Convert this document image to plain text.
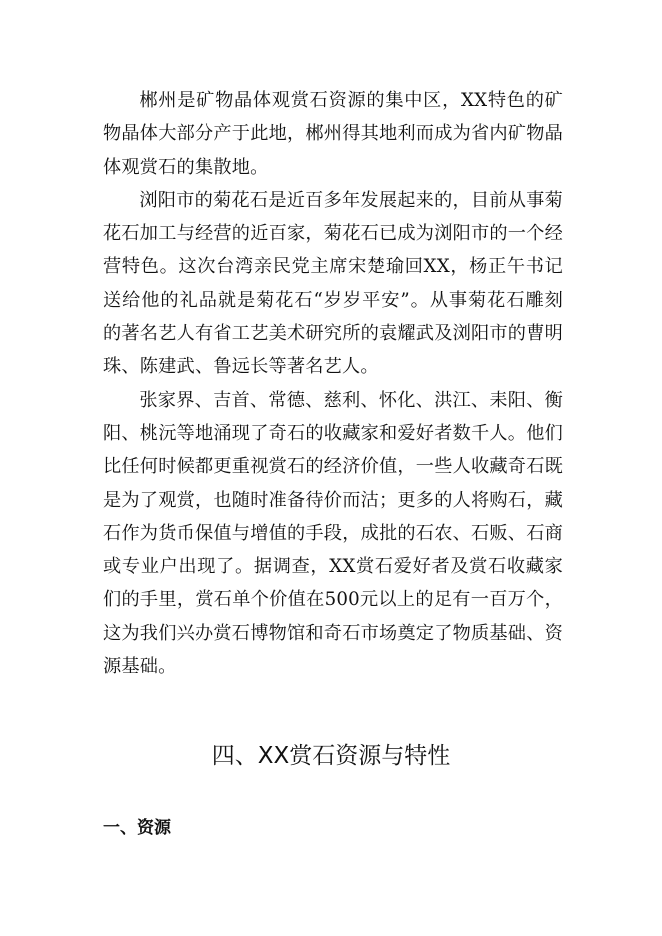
郴州是矿物晶体观赏石资源的集中区，XX特色的矿物晶体大部分产于此地，郴州得其地利而成为省内矿物晶体观赏石的集散地。

浏阳市的菊花石是近百多年发展起来的，目前从事菊花石加工与经营的近百家，菊花石已成为浏阳市的一个经营特色。这次台湾亲民党主席宋楚瑜回XX，杨正午书记送给他的礼品就是菊花石“岁岁平安”。从事菊花石雕刻的著名艺人有省工艺美术研究所的袁耀武及浏阳市的曹明珠、陈建武、鲁远长等著名艺人。

张家界、吉首、常德、慈利、怀化、洪江、耒阳、衡阳、桃沅等地涌现了奇石的收藏家和爱好者数千人。他们比任何时候都更重视赏石的经济价值，一些人收藏奇石既是为了观赏，也随时准备待价而沽；更多的人将购石，藏石作为货币保值与增值的手段，成批的石农、石贩、石商或专业户出现了。据调查，XX赏石爱好者及赏石收藏家们的手里，赏石单个价值在500元以上的足有一百万个，这为我们兴办赏石博物馆和奇石市场奠定了物质基础、资源基础。

四、XX赏石资源与特性
一、资源
